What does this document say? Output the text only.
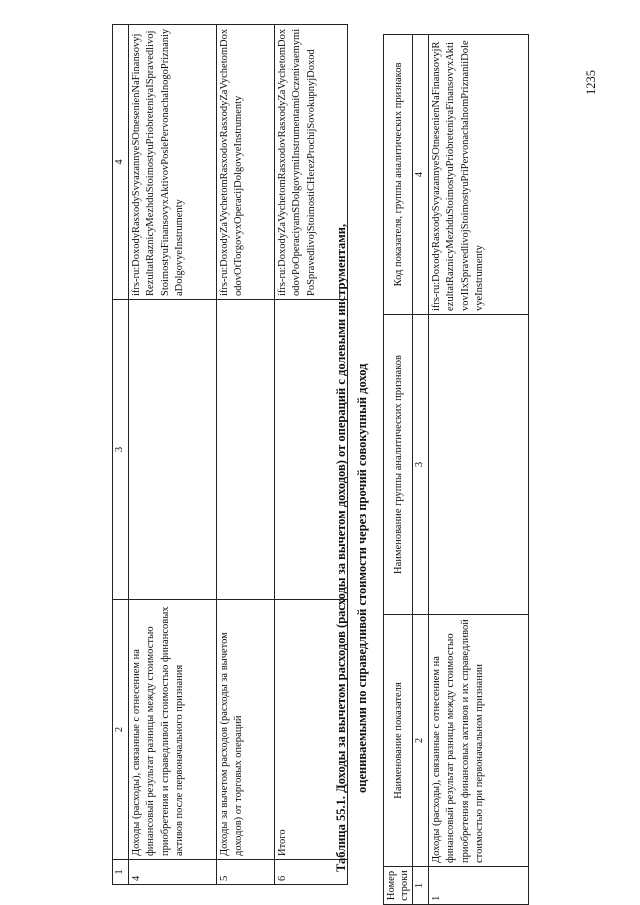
1	2	3	4
4	Доходы (расходы), связанные с отнесением на финансовый результат разницы между стоимостью приобретения и справедливой стоимостью финансовых активов после первоначального признания		ifrs-ru:DoxodyRasxodySvyazannyeSOtnesenienNaFinansovyjRezultatRaznicyMezhduStoimostyuPriobreteniyaISpravedlivojStoimostyuFinansovyxAktivovPoslePervonachalnogoPriznaniyaDolgovyeInstrumenty
5	Доходы за вычетом расходов (расходы за вычетом доходов) от торговых операций		ifrs-ru:DoxodyZaVychetomRasxodovRasxodyZaVychetomDoxodovOtTorgovyxOperacijDolgovyeInstrumenty
6	Итого		ifrs-ru:DoxodyZaVychetomRasxodovRasxodyZaVychetomDoxodovPoOperaciyamSDolgovymiInstrumentamiOczenivaemymiPoSpravedlivojStoimostiCHerezProchijSovokupnyjDoxod
Таблица 55.1. Доходы за вычетом расходов (расходы за вычетом доходов) от операций с долевыми инструментами, оцениваемыми по справедливой стоимости через прочий совокупный доход
Номер строки	Наименование показателя	Наименование группы аналитических признаков	Код показателя, группы аналитических признаков
1	2	3	4
1	Доходы (расходы), связанные с отнесением на финансовый результат разницы между стоимостью приобретения финансовых активов и их справедливой стоимостью при первоначальном признании		ifrs-ru:DoxodyRasxodySvyazannyeSOtnesenienNaFinansovyjRezultatRaznicyMezhduStoimostyuPriobreteniyaFinansovyxAktivovIIxSpravedlivojStoimostyuPriPervonachalnomPriznaniiDolevyeInstrumenty
1235
